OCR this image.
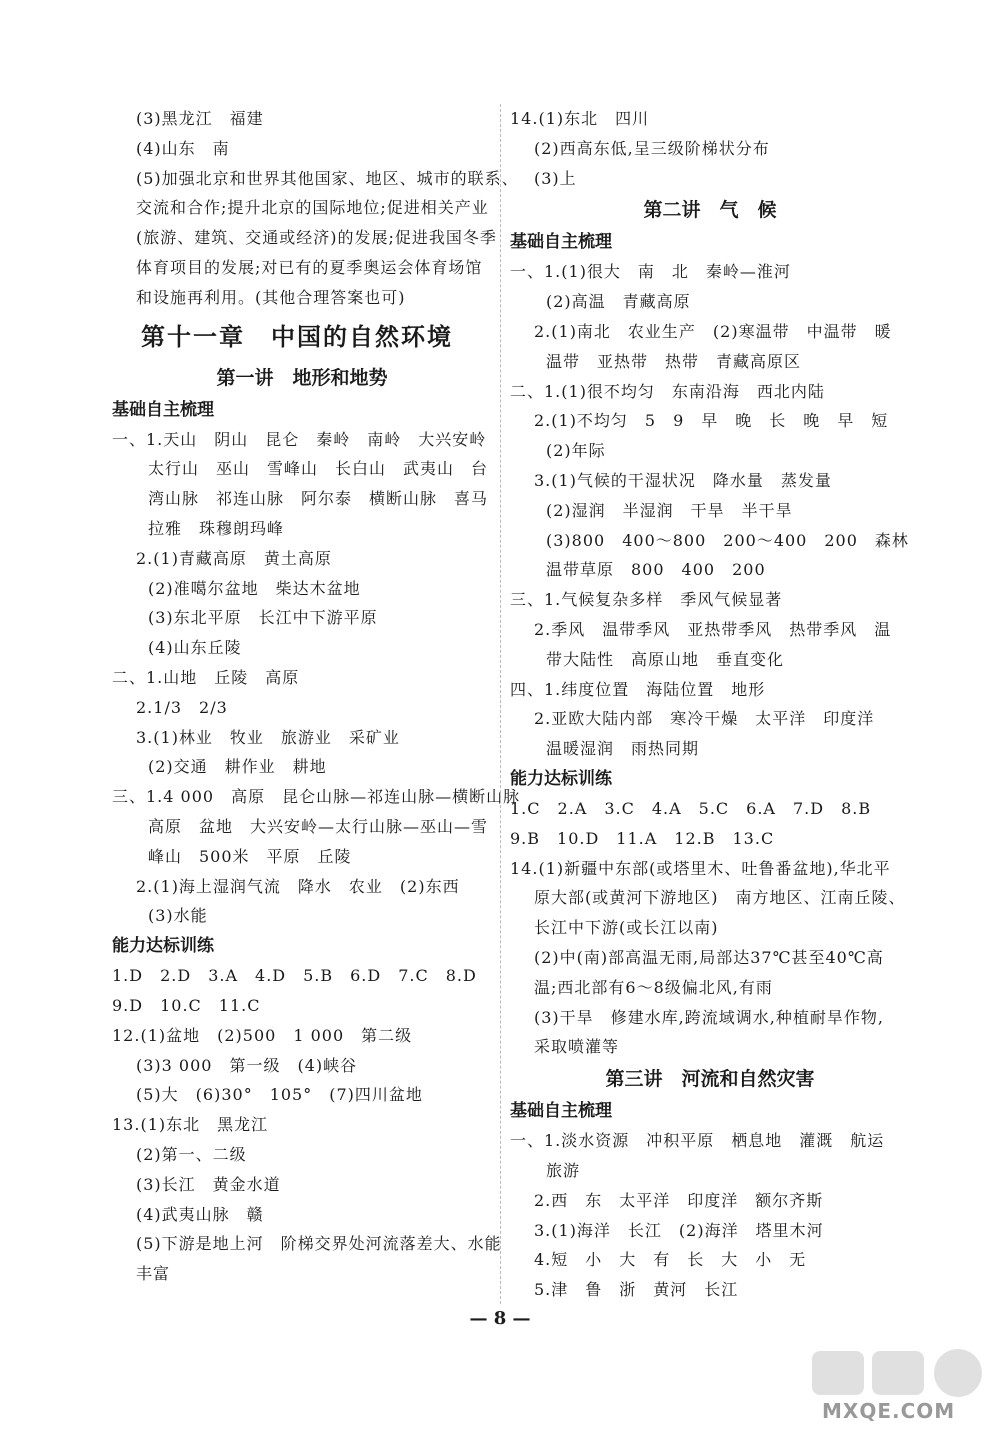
(3)黑龙江　福建
(4)山东　南
(5)加强北京和世界其他国家、地区、城市的联系、
交流和合作;提升北京的国际地位;促进相关产业
(旅游、建筑、交通或经济)的发展;促进我国冬季
体育项目的发展;对已有的夏季奥运会体育场馆
和设施再利用。(其他合理答案也可)
第十一章　中国的自然环境
第一讲　地形和地势
基础自主梳理
一、1.天山　阴山　昆仑　秦岭　南岭　大兴安岭
太行山　巫山　雪峰山　长白山　武夷山　台
湾山脉　祁连山脉　阿尔泰　横断山脉　喜马
拉雅　珠穆朗玛峰
2.(1)青藏高原　黄土高原
(2)准噶尔盆地　柴达木盆地
(3)东北平原　长江中下游平原
(4)山东丘陵
二、1.山地　丘陵　高原
2.1/3　2/3
3.(1)林业　牧业　旅游业　采矿业
(2)交通　耕作业　耕地
三、1.4 000　高原　昆仑山脉—祁连山脉—横断山脉
高原　盆地　大兴安岭—太行山脉—巫山—雪
峰山　500米　平原　丘陵
2.(1)海上湿润气流　降水　农业　(2)东西
(3)水能
能力达标训练
1.D　2.D　3.A　4.D　5.B　6.D　7.C　8.D
9.D　10.C　11.C
12.(1)盆地　(2)500　1 000　第二级
(3)3 000　第一级　(4)峡谷
(5)大　(6)30°　105°　(7)四川盆地
13.(1)东北　黑龙江
(2)第一、二级
(3)长江　黄金水道
(4)武夷山脉　赣
(5)下游是地上河　阶梯交界处河流落差大、水能
丰富
14.(1)东北　四川
(2)西高东低,呈三级阶梯状分布
(3)上
第二讲　气　候
基础自主梳理
一、1.(1)很大　南　北　秦岭—淮河
(2)高温　青藏高原
2.(1)南北　农业生产　(2)寒温带　中温带　暖
温带　亚热带　热带　青藏高原区
二、1.(1)很不均匀　东南沿海　西北内陆
2.(1)不均匀　5　9　早　晚　长　晚　早　短
(2)年际
3.(1)气候的干湿状况　降水量　蒸发量
(2)湿润　半湿润　干旱　半干旱
(3)800　400～800　200～400　200　森林
温带草原　800　400　200
三、1.气候复杂多样　季风气候显著
2.季风　温带季风　亚热带季风　热带季风　温
带大陆性　高原山地　垂直变化
四、1.纬度位置　海陆位置　地形
2.亚欧大陆内部　寒冷干燥　太平洋　印度洋
温暖湿润　雨热同期
能力达标训练
1.C　2.A　3.C　4.A　5.C　6.A　7.D　8.B
9.B　10.D　11.A　12.B　13.C
14.(1)新疆中东部(或塔里木、吐鲁番盆地),华北平
原大部(或黄河下游地区)　南方地区、江南丘陵、
长江中下游(或长江以南)
(2)中(南)部高温无雨,局部达37℃甚至40℃高
温;西北部有6～8级偏北风,有雨
(3)干旱　修建水库,跨流域调水,种植耐旱作物,
采取喷灌等
第三讲　河流和自然灾害
基础自主梳理
一、1.淡水资源　冲积平原　栖息地　灌溉　航运
旅游
2.西　东　太平洋　印度洋　额尔齐斯
3.(1)海洋　长江　(2)海洋　塔里木河
4.短　小　大　有　长　大　小　无
5.津　鲁　浙　黄河　长江
— 8 —
MXQE.COM
